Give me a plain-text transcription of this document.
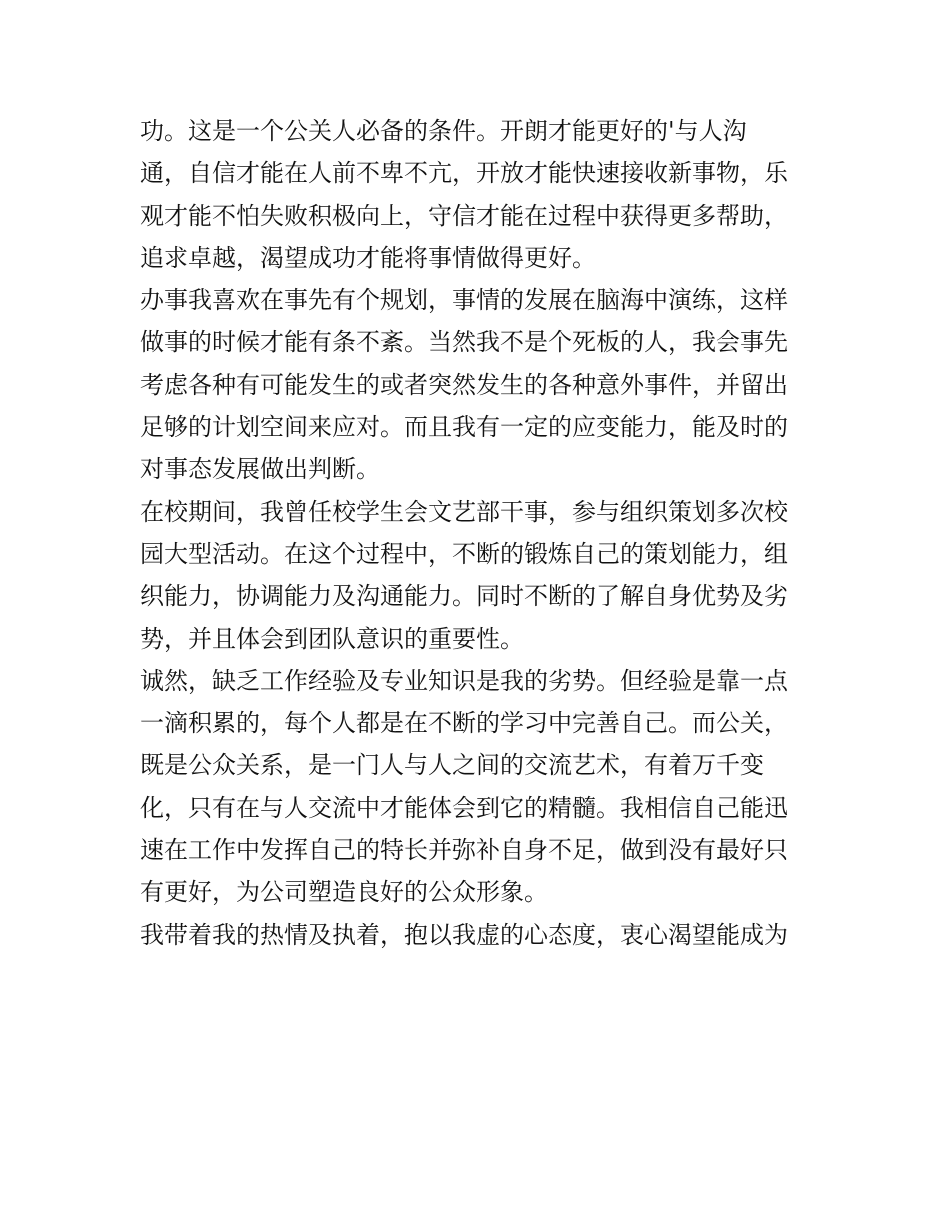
功。这是一个公关人必备的条件。开朗才能更好的'与人沟
通，自信才能在人前不卑不亢，开放才能快速接收新事物，乐
观才能不怕失败积极向上，守信才能在过程中获得更多帮助，
追求卓越，渴望成功才能将事情做得更好。
办事我喜欢在事先有个规划，事情的发展在脑海中演练，这样
做事的时候才能有条不紊。当然我不是个死板的人，我会事先
考虑各种有可能发生的或者突然发生的各种意外事件，并留出
足够的计划空间来应对。而且我有一定的应变能力，能及时的
对事态发展做出判断。
在校期间，我曾任校学生会文艺部干事，参与组织策划多次校
园大型活动。在这个过程中，不断的锻炼自己的策划能力，组
织能力，协调能力及沟通能力。同时不断的了解自身优势及劣
势，并且体会到团队意识的重要性。
诚然，缺乏工作经验及专业知识是我的劣势。但经验是靠一点
一滴积累的，每个人都是在不断的学习中完善自己。而公关，
既是公众关系，是一门人与人之间的交流艺术，有着万千变
化，只有在与人交流中才能体会到它的精髓。我相信自己能迅
速在工作中发挥自己的特长并弥补自身不足，做到没有最好只
有更好，为公司塑造良好的公众形象。
我带着我的热情及执着，抱以我虚的心态度，衷心渴望能成为
